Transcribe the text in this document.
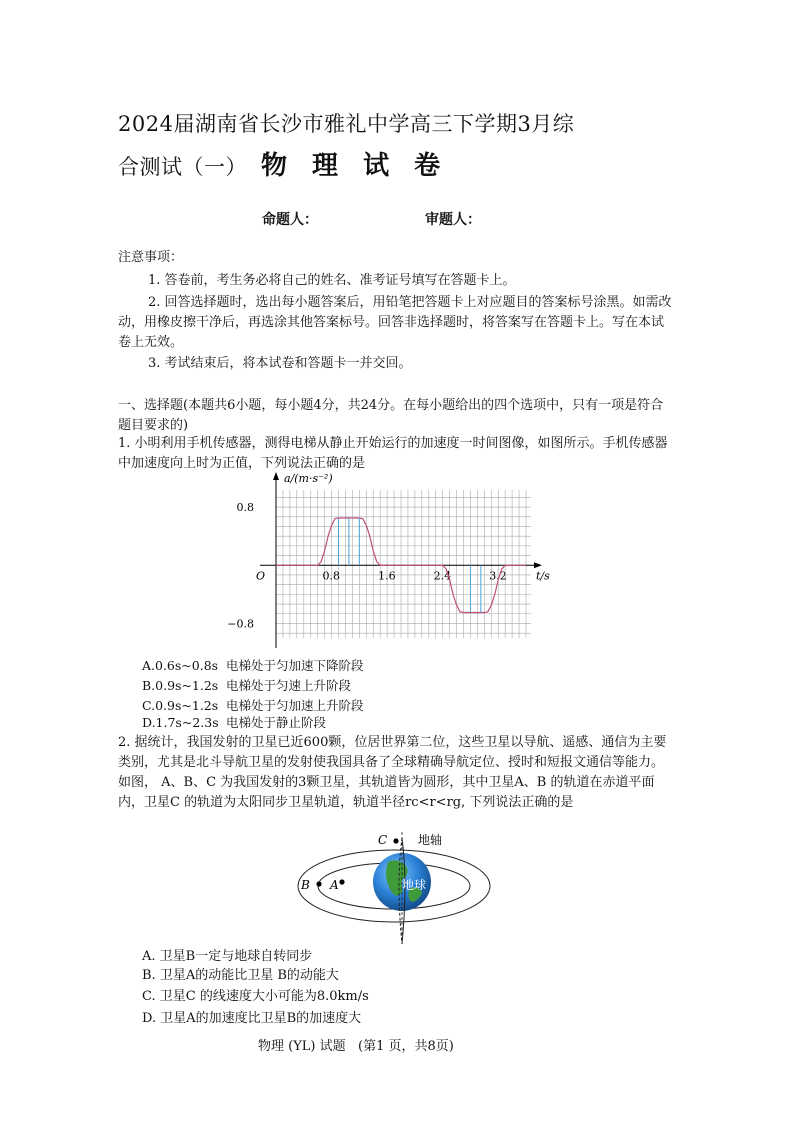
2024届湖南省长沙市雅礼中学高三下学期3月综
合测试（一） 物 理 试 卷
命题人：	审题人：
注意事项：
1. 答卷前，考生务必将自己的姓名、准考证号填写在答题卡上。
2. 回答选择题时，选出每小题答案后，用铅笔把答题卡上对应题目的答案标号涂黑。如需改动，用橡皮擦干净后，再选涂其他答案标号。回答非选择题时，将答案写在答题卡上。写在本试卷上无效。
3. 考试结束后，将本试卷和答题卡一并交回。
一、选择题(本题共6小题，每小题4分，共24分。在每小题给出的四个选项中，只有一项是符合题目要求的)
1. 小明利用手机传感器，测得电梯从静止开始运行的加速度一时间图像，如图所示。手机传感器中加速度向上时为正值，下列说法正确的是
0.8	1.6	2.4	3.2
0.8
−0.8
a/(m·s⁻²)
t/s
O
A.0.6s~0.8s 电梯处于匀加速下降阶段
B.0.9s~1.2s 电梯处于匀速上升阶段
C.0.9s~1.2s 电梯处于匀加速上升阶段
D.1.7s~2.3s 电梯处于静止阶段
2. 据统计，我国发射的卫星已近600颗，位居世界第二位，这些卫星以导航、遥感、通信为主要类别，尤其是北斗导航卫星的发射使我国具备了全球精确导航定位、授时和短报文通信等能力。如图， A、B、C 为我国发射的3颗卫星，其轨道皆为圆形，其中卫星A、B 的轨道在赤道平面内，卫星C 的轨道为太阳同步卫星轨道，轨道半径rc<r<rg, 下列说法正确的是
C	地轴
B A	地球
A. 卫星B一定与地球自转同步
B. 卫星A的动能比卫星 B的动能大
C. 卫星C 的线速度大小可能为8.0km/s
D. 卫星A的加速度比卫星B的加速度大
物理 (YL) 试题   (第1 页，共8页)
